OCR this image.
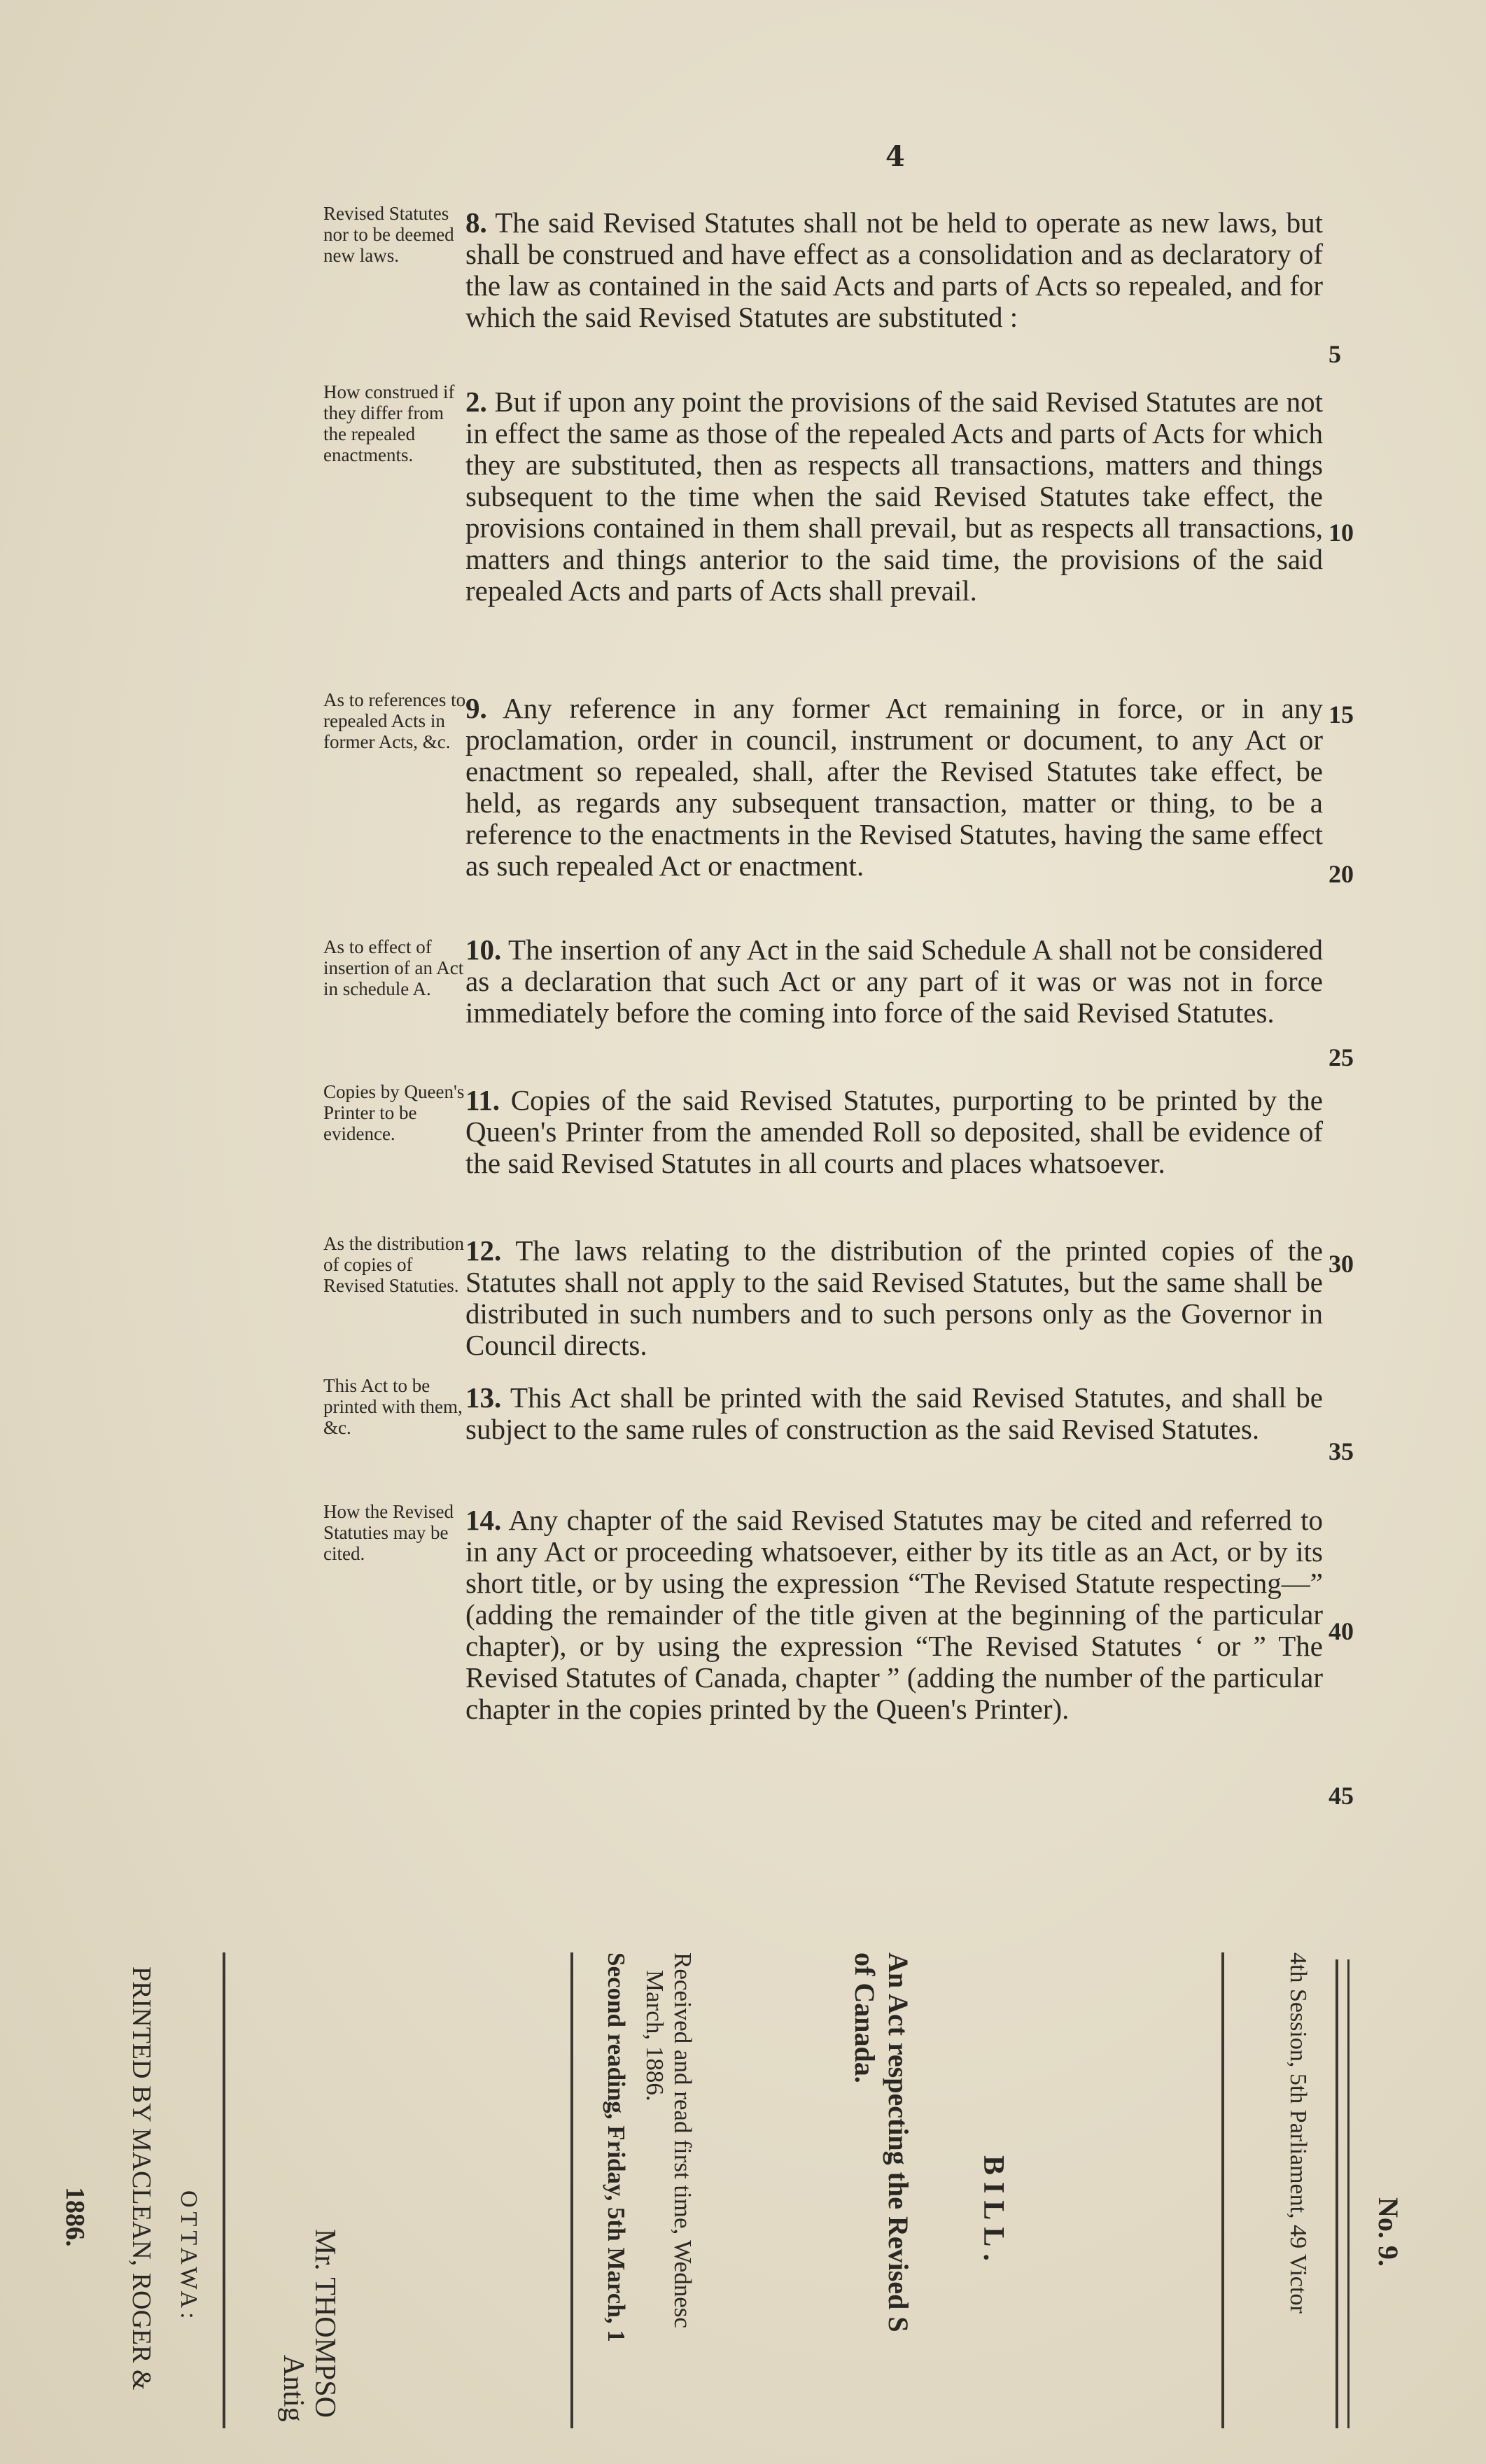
4
Revised Statutes nor to be deemed new laws.
8. The said Revised Statutes shall not be held to operate as new laws, but shall be construed and have effect as a consolidation and as declaratory of the law as contained in the said Acts and parts of Acts so repealed, and for which the said Revised Statutes are substituted :
How construed if they differ from the repealed enactments.
2. But if upon any point the provisions of the said Revised Statutes are not in effect the same as those of the repealed Acts and parts of Acts for which they are substituted, then as respects all transactions, matters and things subsequent to the time when the said Revised Statutes take effect, the provisions contained in them shall prevail, but as respects all transactions, matters and things anterior to the said time, the provisions of the said repealed Acts and parts of Acts shall prevail.
As to references to repealed Acts in former Acts, &c.
9. Any reference in any former Act remaining in force, or in any proclamation, order in council, instrument or document, to any Act or enactment so repealed, shall, after the Revised Statutes take effect, be held, as regards any subsequent transaction, matter or thing, to be a reference to the enactments in the Revised Statutes, having the same effect as such repealed Act or enactment.
As to effect of insertion of an Act in schedule A.
10. The insertion of any Act in the said Schedule A shall not be considered as a declaration that such Act or any part of it was or was not in force immediately before the coming into force of the said Revised Statutes.
Copies by Queen's Printer to be evidence.
11. Copies of the said Revised Statutes, purporting to be printed by the Queen's Printer from the amended Roll so deposited, shall be evidence of the said Revised Statutes in all courts and places whatsoever.
As the distribution of copies of Revised Statuties.
12. The laws relating to the distribution of the printed copies of the Statutes shall not apply to the said Revised Statutes, but the same shall be distributed in such numbers and to such persons only as the Governor in Council directs.
This Act to be printed with them, &c.
13. This Act shall be printed with the said Revised Statutes, and shall be subject to the same rules of construction as the said Revised Statutes.
How the Revised Statuties may be cited.
14. Any chapter of the said Revised Statutes may be cited and referred to in any Act or proceeding whatsoever, either by its title as an Act, or by its short title, or by using the expression “The Revised Statute respecting—” (adding the remainder of the title given at the beginning of the particular chapter), or by using the expression “The Revised Statutes ‘ or ” The Revised Statutes of Canada, chapter ” (adding the number of the particular chapter in the copies printed by the Queen's Printer).
5
10
15
20
25
30
35
40
45
No. 9.
4th Session, 5th Parliament, 49 Victor
BILL.
An Act respecting the Revised S
of Canada.
Received and read first time, Wednesc
March, 1886.
Second reading, Friday, 5th March, 1
Mr. THOMPSO
Antig
OTTAWA:
PRINTED BY MACLEAN, ROGER &
1886.
